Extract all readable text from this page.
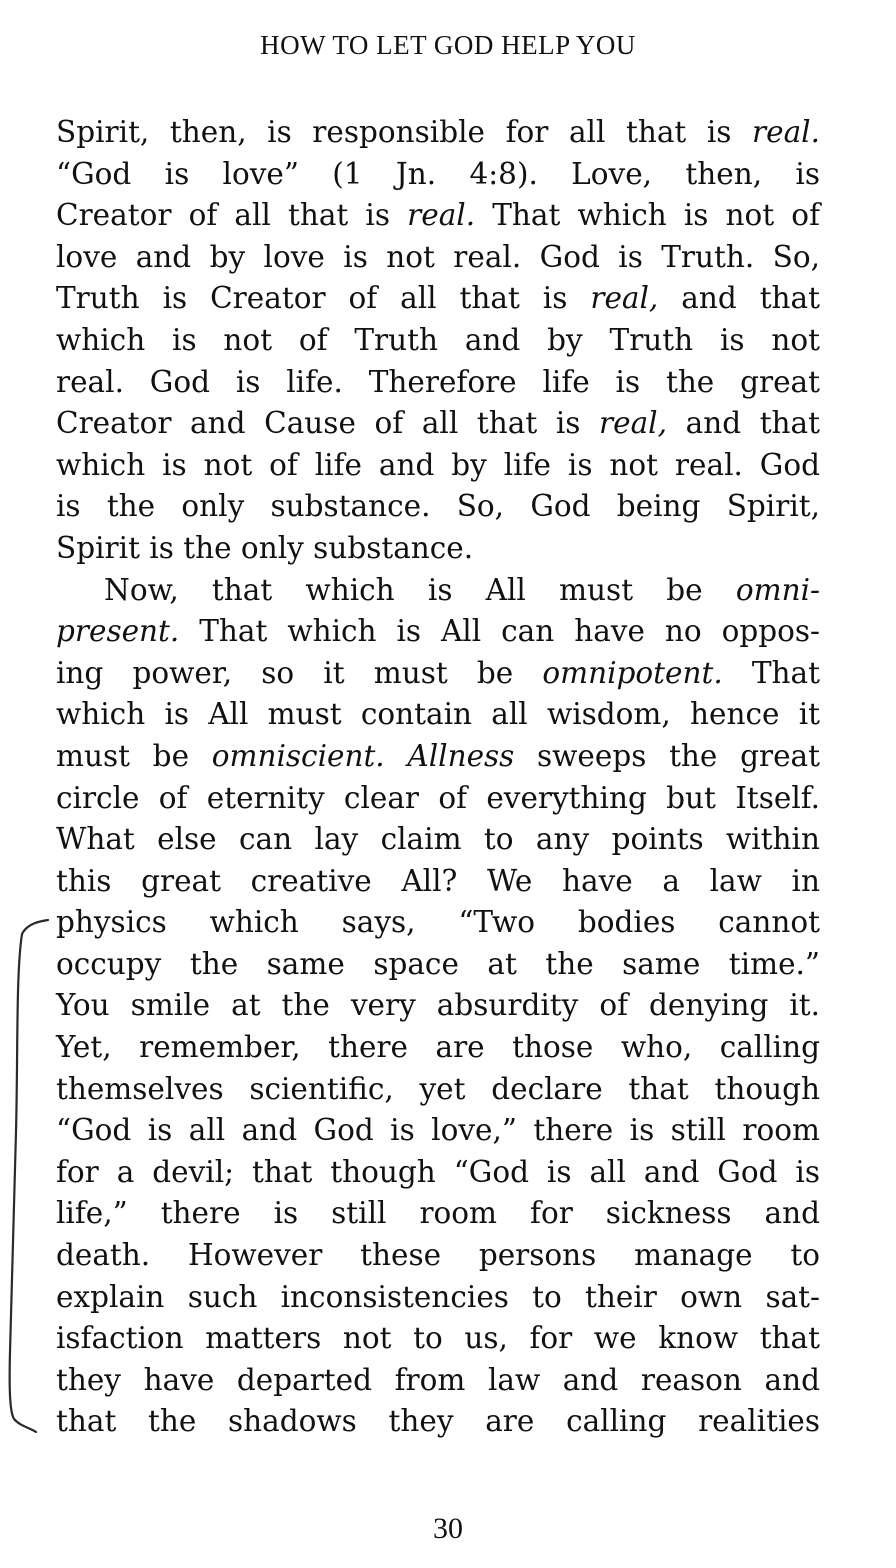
HOW TO LET GOD HELP YOU
Spirit, then, is responsible for all that is real.
“God is love” (1 Jn. 4:8). Love, then, is
Creator of all that is real. That which is not of
love and by love is not real. God is Truth. So,
Truth is Creator of all that is real, and that
which is not of Truth and by Truth is not
real. God is life. Therefore life is the great
Creator and Cause of all that is real, and that
which is not of life and by life is not real. God
is the only substance. So, God being Spirit,
Spirit is the only substance.
Now, that which is All must be omni-
present. That which is All can have no oppos-
ing power, so it must be omnipotent. That
which is All must contain all wisdom, hence it
must be omniscient. Allness sweeps the great
circle of eternity clear of everything but Itself.
What else can lay claim to any points within
this great creative All? We have a law in
physics which says, “Two bodies cannot
occupy the same space at the same time.”
You smile at the very absurdity of denying it.
Yet, remember, there are those who, calling
themselves scientific, yet declare that though
“God is all and God is love,” there is still room
for a devil; that though “God is all and God is
life,” there is still room for sickness and
death. However these persons manage to
explain such inconsistencies to their own sat-
isfaction matters not to us, for we know that
they have departed from law and reason and
that the shadows they are calling realities
30
